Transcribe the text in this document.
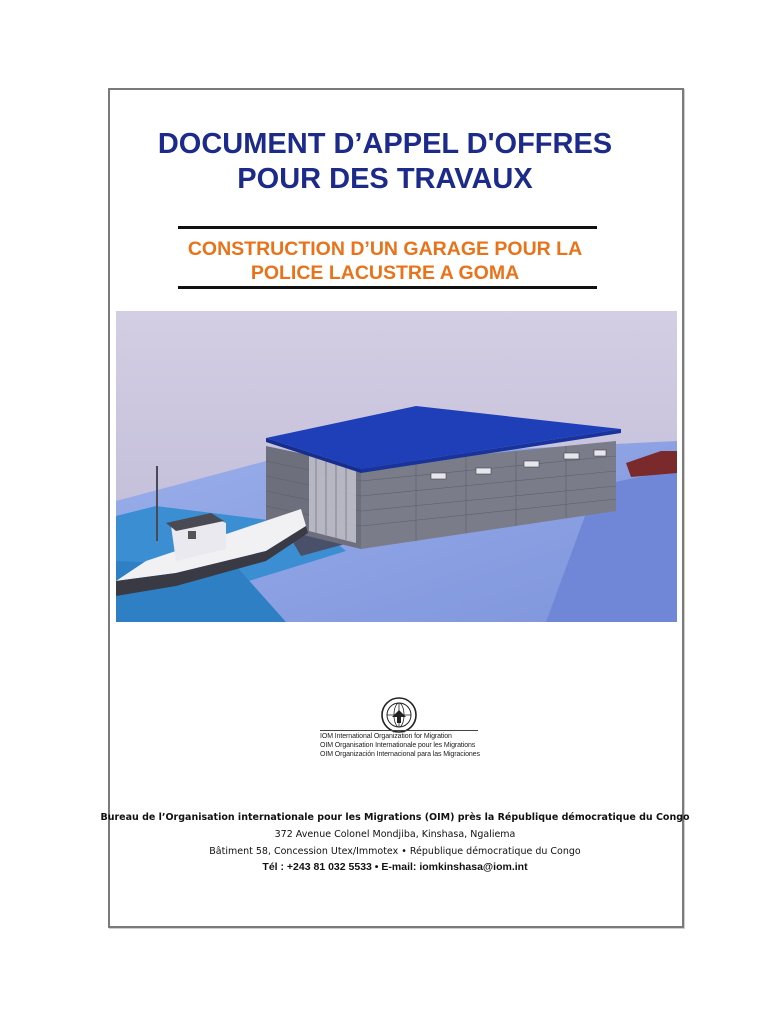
DOCUMENT D’APPEL D'OFFRES
POUR DES TRAVAUX
CONSTRUCTION D’UN GARAGE POUR LA
POLICE LACUSTRE A GOMA
IOM International Organization for Migration
OIM Organisation Internationale pour les Migrations
OIM Organización Internacional para las Migraciones
Bureau de l’Organisation internationale pour les Migrations (OIM) près la République démocratique du Congo
372 Avenue Colonel Mondjiba, Kinshasa, Ngaliema
Bâtiment 58, Concession Utex/Immotex • République démocratique du Congo
Tél : +243 81 032 5533 • E-mail: iomkinshasa@iom.int
